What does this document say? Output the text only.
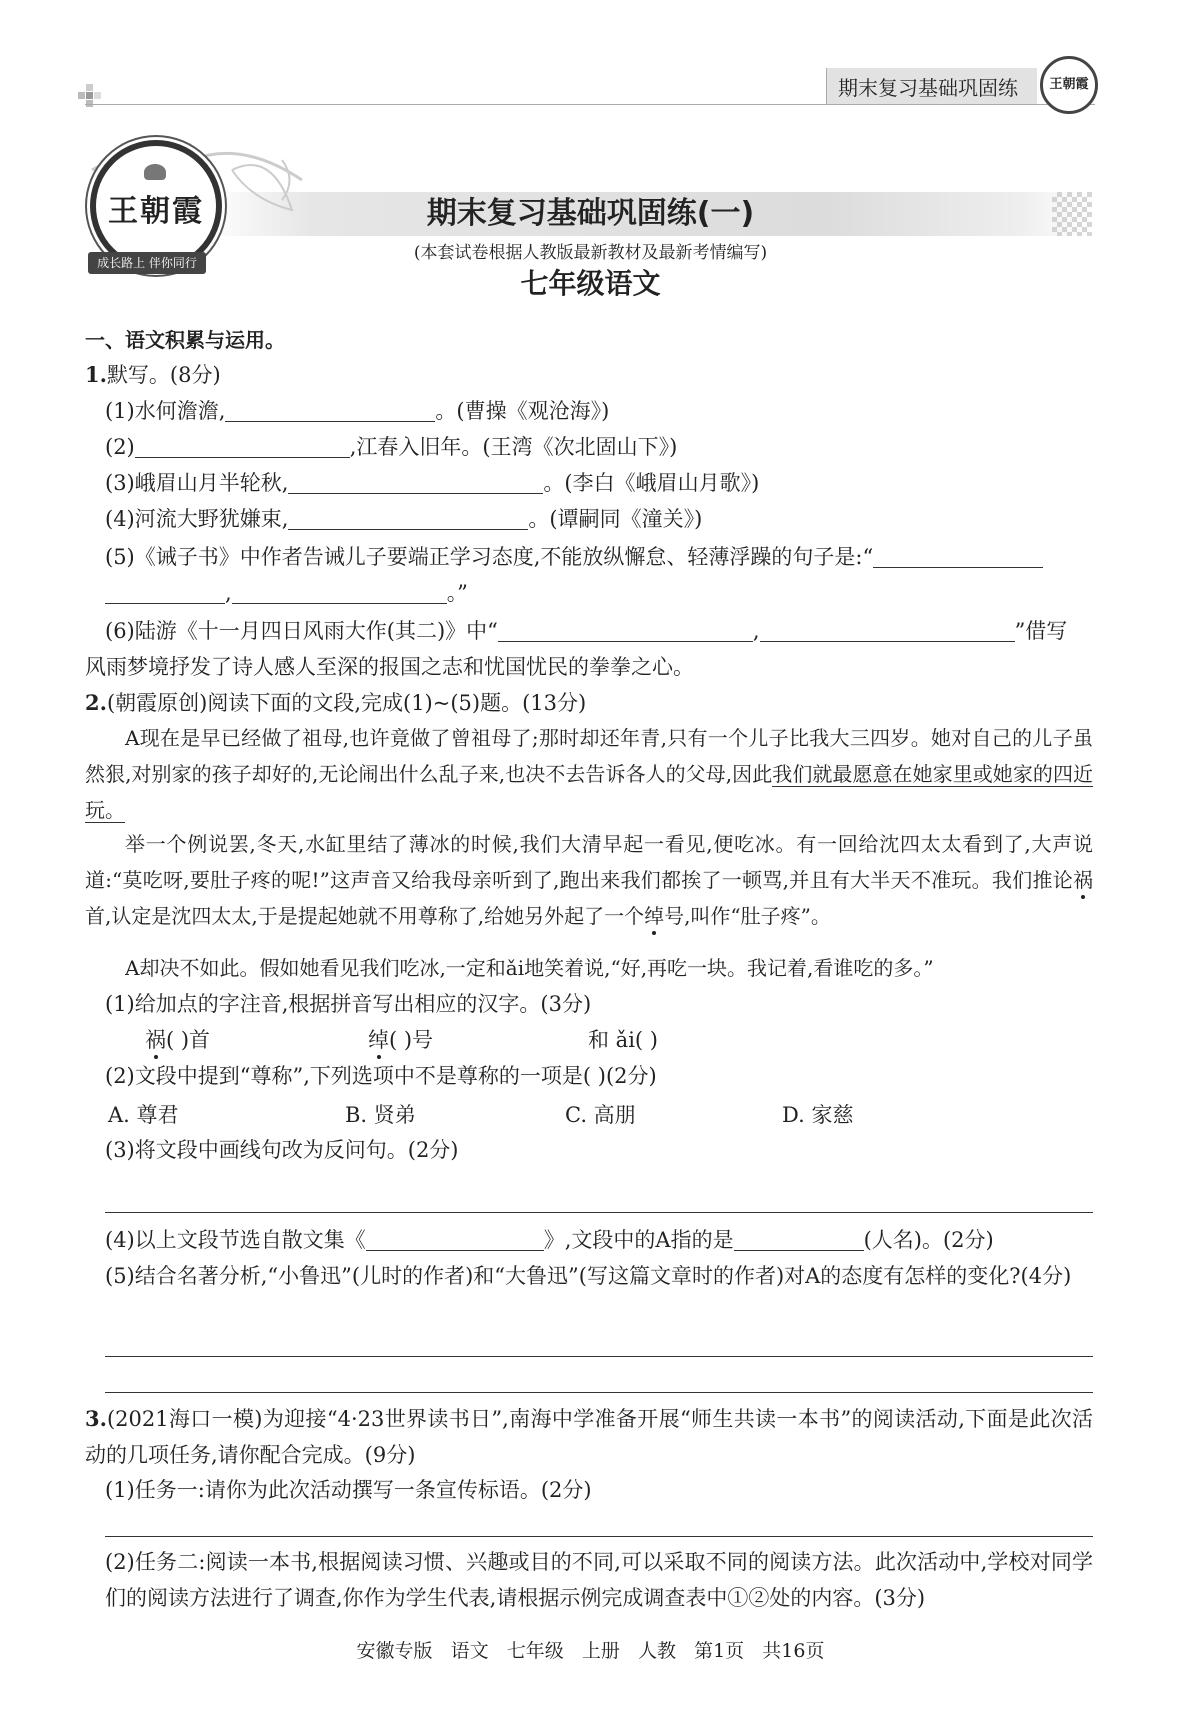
期末复习基础巩固练	王朝霞
王朝霞
成长路上 伴你同行
期末复习基础巩固练(一)
(本套试卷根据人教版最新教材及最新考情编写)
七年级语文
一、语文积累与运用。
1.默写。(8分)
(1)水何澹澹,	。(曹操《观沧海》)
(2)	,江春入旧年。(王湾《次北固山下》)
(3)峨眉山月半轮秋,	。(李白《峨眉山月歌》)
(4)河流大野犹嫌束,	。(谭嗣同《潼关》)
(5)《诫子书》中作者告诫儿子要端正学习态度,不能放纵懈怠、轻薄浮躁的句子是:“
,	。”
(6)陆游《十一月四日风雨大作(其二)》中“	,	”借写
风雨梦境抒发了诗人感人至深的报国之志和忧国忧民的拳拳之心。
2.(朝霞原创)阅读下面的文段,完成(1)~(5)题。(13分)
A现在是早已经做了祖母,也许竟做了曾祖母了;那时却还年青,只有一个儿子比我大三四岁。她对自己的儿子虽然狠,对别家的孩子却好的,无论闹出什么乱子来,也决不去告诉各人的父母,因此我们就最愿意在她家里或她家的四近玩。
举一个例说罢,冬天,水缸里结了薄冰的时候,我们大清早起一看见,便吃冰。有一回给沈四太太看到了,大声说道:“莫吃呀,要肚子疼的呢!”这声音又给我母亲听到了,跑出来我们都挨了一顿骂,并且有大半天不准玩。我们推论祸首,认定是沈四太太,于是提起她就不用尊称了,给她另外起了一个绰号,叫作“肚子疼”。
A却决不如此。假如她看见我们吃冰,一定和ǎi地笑着说,“好,再吃一块。我记着,看谁吃的多。”
(1)给加点的字注音,根据拼音写出相应的汉字。(3分)
祸( )首	绰( )号	和 ǎi( )
(2)文段中提到“尊称”,下列选项中不是尊称的一项是( )(2分)
A. 尊君	B. 贤弟	C. 高朋	D. 家慈
(3)将文段中画线句改为反问句。(2分)
(4)以上文段节选自散文集《	》,文段中的A指的是	(人名)。(2分)
(5)结合名著分析,“小鲁迅”(儿时的作者)和“大鲁迅”(写这篇文章时的作者)对A的态度有怎样的变化?(4分)
3.(2021海口一模)为迎接“4·23世界读书日”,南海中学准备开展“师生共读一本书”的阅读活动,下面是此次活动的几项任务,请你配合完成。(9分)
(1)任务一:请你为此次活动撰写一条宣传标语。(2分)
(2)任务二:阅读一本书,根据阅读习惯、兴趣或目的不同,可以采取不同的阅读方法。此次活动中,学校对同学们的阅读方法进行了调查,你作为学生代表,请根据示例完成调查表中①②处的内容。(3分)
安徽专版   语文   七年级   上册   人教   第1页   共16页
